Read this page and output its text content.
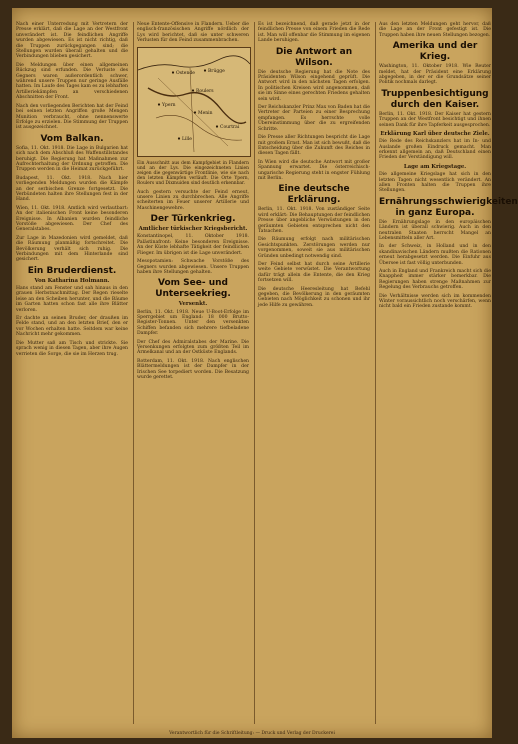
Nach einer Unterredung mit Vertretern der Presse erklärt, daß die Lage an der Westfront unverändert ist. Die feindlichen Angriffe wurden abgewiesen. Es ist nicht richtig, daß die Truppen zurückgegangen sind; die Stellungen wurden überall gehalten und die Verbindungen blieben gesichert.

Die Meldungen über einen allgemeinen Rückzug sind erfunden. Die Verluste des Gegners waren außerordentlich schwer, während unsere Truppen nur geringe Ausfälle hatten. Im Laufe des Tages kam es zu lebhaften Artilleriekämpfen an verschiedenen Abschnitten der Front.

Nach den vorliegenden Berichten hat der Feind bei seinen letzten Angriffen große Mengen Munition verbraucht, ohne nennenswerte Erfolge zu erzielen. Die Stimmung der Truppen ist ausgezeichnet.

Vom Balkan.

Sofia, 11. Okt. 1918. Die Lage in Bulgarien hat sich nach dem Abschluß des Waffenstillstandes beruhigt. Die Regierung hat Maßnahmen zur Aufrechterhaltung der Ordnung getroffen. Die Truppen werden in die Heimat zurückgeführt.

Budapest, 11. Okt. 1918. Nach hier vorliegenden Meldungen wurden die Kämpfe an der serbischen Grenze fortgesetzt. Die Verbündeten halten ihre Stellungen fest in der Hand.

Wien, 11. Okt. 1918. Amtlich wird verlautbart: An der italienischen Front keine besonderen Ereignisse. In Albanien wurden feindliche Vorstöße abgewiesen. Der Chef des Generalstabes.

Zur Lage in Mazedonien wird gemeldet, daß die Räumung planmäßig fortschreitet. Die Bevölkerung verhält sich ruhig. Die Verbindungen mit dem Hinterlande sind gesichert.

Ein Bruderdienst.
Von Katharina Holmann.

Hans stand am Fenster und sah hinaus in den grauen Herbstnachmittag. Der Regen rieselte leise an den Scheiben herunter, und die Bäume im Garten hatten schon fast alle ihre Blätter verloren.

Er dachte an seinen Bruder, der draußen im Felde stand, und an den letzten Brief, den er vor Wochen erhalten hatte. Seitdem war keine Nachricht mehr gekommen.

Die Mutter saß am Tisch und strickte. Sie sprach wenig in diesen Tagen, aber ihre Augen verrieten die Sorge, die sie im Herzen trug.

Neue Entente-Offensive in Flandern. Ueber die englisch-französischen Angriffe nördlich der Lys wird berichtet, daß sie unter schweren Verlusten für den Feind zusammenbrachen.

Ostende	Brügge
Roulers
Ypern
Menin
Lille
Courtrai
Ein Ausschnitt aus dem Kampfgebiet in Flandern und an der Lys. Die eingezeichneten Linien zeigen die gegenwärtige Frontlinie, wie sie nach den letzten Kämpfen verläuft. Die Orte Ypern, Roulers und Dixmuiden sind deutlich erkennbar.

Auch gestern versuchte der Feind erneut, unsere Linien zu durchbrechen. Alle Angriffe scheiterten im Feuer unserer Artillerie und Maschinengewehre.

Der Türkenkrieg.
Amtlicher türkischer Kriegsbericht.

Konstantinopel, 11. Oktober 1918. Palästinafront: Keine besonderen Ereignisse. An der Küste lebhafte Tätigkeit der feindlichen Flieger. Im übrigen ist die Lage unverändert.

Mesopotamien: Schwache Vorstöße des Gegners wurden abgewiesen. Unsere Truppen haben ihre Stellungen gehalten.

Vom See- und Unterseekrieg.
Versenkt.

Berlin, 11. Okt. 1918. Neue U-Boot-Erfolge im Sperrgebiet um England: 18 000 Brutto-Register-Tonnen. Unter den versenkten Schiffen befanden sich mehrere tiefbeladene Dampfer.

Der Chef des Admiralstabes der Marine. Die Versenkungen erfolgten zum größten Teil im Ärmelkanal und an der Ostküste Englands.

Rotterdam, 11. Okt. 1918. Nach englischen Blättermeldungen ist der Dampfer in der Irischen See torpediert worden. Die Besatzung wurde gerettet.

Es ist bezeichnend, daß gerade jetzt in der feindlichen Presse von einem Frieden die Rede ist. Man will offenbar die Stimmung im eigenen Lande beruhigen.

Die Antwort an Wilson.

Die deutsche Regierung hat die Note des Präsidenten Wilson eingehend geprüft. Die Antwort wird in den nächsten Tagen erfolgen. In politischen Kreisen wird angenommen, daß sie im Sinne eines gerechten Friedens gehalten sein wird.

Der Reichskanzler Prinz Max von Baden hat die Vertreter der Parteien zu einer Besprechung empfangen. Es herrschte volle Übereinstimmung über die zu ergreifenden Schritte.

Die Presse aller Richtungen bespricht die Lage mit großem Ernst. Man ist sich bewußt, daß die Entscheidung über die Zukunft des Reiches in diesen Tagen fällt.

In Wien wird die deutsche Antwort mit großer Spannung erwartet. Die österreichisch-ungarische Regierung steht in engster Fühlung mit Berlin.

Eine deutsche Erklärung.

Berlin, 11. Okt. 1918. Von zuständiger Seite wird erklärt: Die Behauptungen der feindlichen Presse über angebliche Verwüstungen in den geräumten Gebieten entsprechen nicht den Tatsachen.

Die Räumung erfolgt nach militärischen Gesichtspunkten. Zerstörungen werden nur vorgenommen, soweit sie aus militärischen Gründen unbedingt notwendig sind.

Der Feind selbst hat durch seine Artillerie weite Gebiete verwüstet. Die Verantwortung dafür trägt allein die Entente, die den Krieg fortsetzen will.

Die deutsche Heeresleitung hat Befehl gegeben, die Bevölkerung in den geräumten Gebieten nach Möglichkeit zu schonen und ihr jede Hilfe zu gewähren.

Aus den letzten Meldungen geht hervor, daß die Lage an der Front gefestigt ist. Die Truppen haben ihre neuen Stellungen bezogen.

Amerika und der Krieg.

Washington, 11. Oktober 1918. Wie Reuter meldet, hat der Präsident eine Erklärung abgegeben, in der er die Grundsätze seiner Politik nochmals darlegt.

Truppenbesichtigung durch den Kaiser.

Berlin, 11. Okt. 1918. Der Kaiser hat gestern Truppen an der Westfront besichtigt und ihnen seinen Dank für ihre Tapferkeit ausgesprochen.

Erklärung Karl über deutsche Ziele.

Die Rede des Reichskanzlers hat im In- und Auslande großen Eindruck gemacht. Man erkennt allgemein an, daß Deutschland einen Frieden der Verständigung will.

Lage am Kriegstage.

Die allgemeine Kriegslage hat sich in den letzten Tagen nicht wesentlich verändert. An allen Fronten halten die Truppen ihre Stellungen.

Ernährungsschwierigkeiten in ganz Europa.

Die Ernährungslage in den europäischen Ländern ist überall schwierig. Auch in den neutralen Staaten herrscht Mangel an Lebensmitteln aller Art.

In der Schweiz, in Holland und in den skandinavischen Ländern mußten die Rationen erneut herabgesetzt werden. Die Einfuhr aus Übersee ist fast völlig unterbunden.

Auch in England und Frankreich macht sich die Knappheit immer stärker bemerkbar. Die Regierungen haben strenge Maßnahmen zur Regelung des Verbrauchs getroffen.

Die Verhältnisse werden sich im kommenden Winter voraussichtlich noch verschärfen, wenn nicht bald ein Frieden zustande kommt.

Verantwortlich für die Schriftleitung: — Druck und Verlag der Druckerei
